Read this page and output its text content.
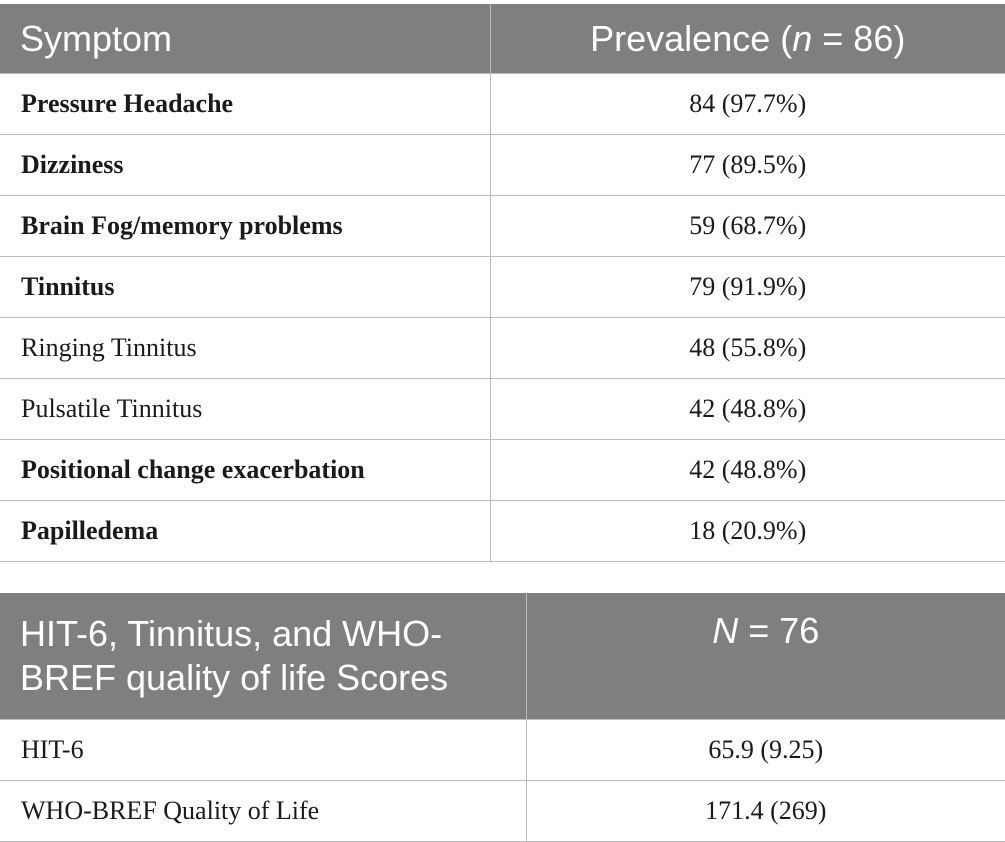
Symptom	Prevalence (n = 86)
Pressure Headache	84 (97.7%)
Dizziness	77 (89.5%)
Brain Fog/memory problems	59 (68.7%)
Tinnitus	79 (91.9%)
Ringing Tinnitus	48 (55.8%)
Pulsatile Tinnitus	42 (48.8%)
Positional change exacerbation	42 (48.8%)
Papilledema	18 (20.9%)
HIT-6, Tinnitus, and WHO-BREF quality of life Scores	N = 76
HIT-6	65.9 (9.25)
WHO-BREF Quality of Life	171.4 (269)
